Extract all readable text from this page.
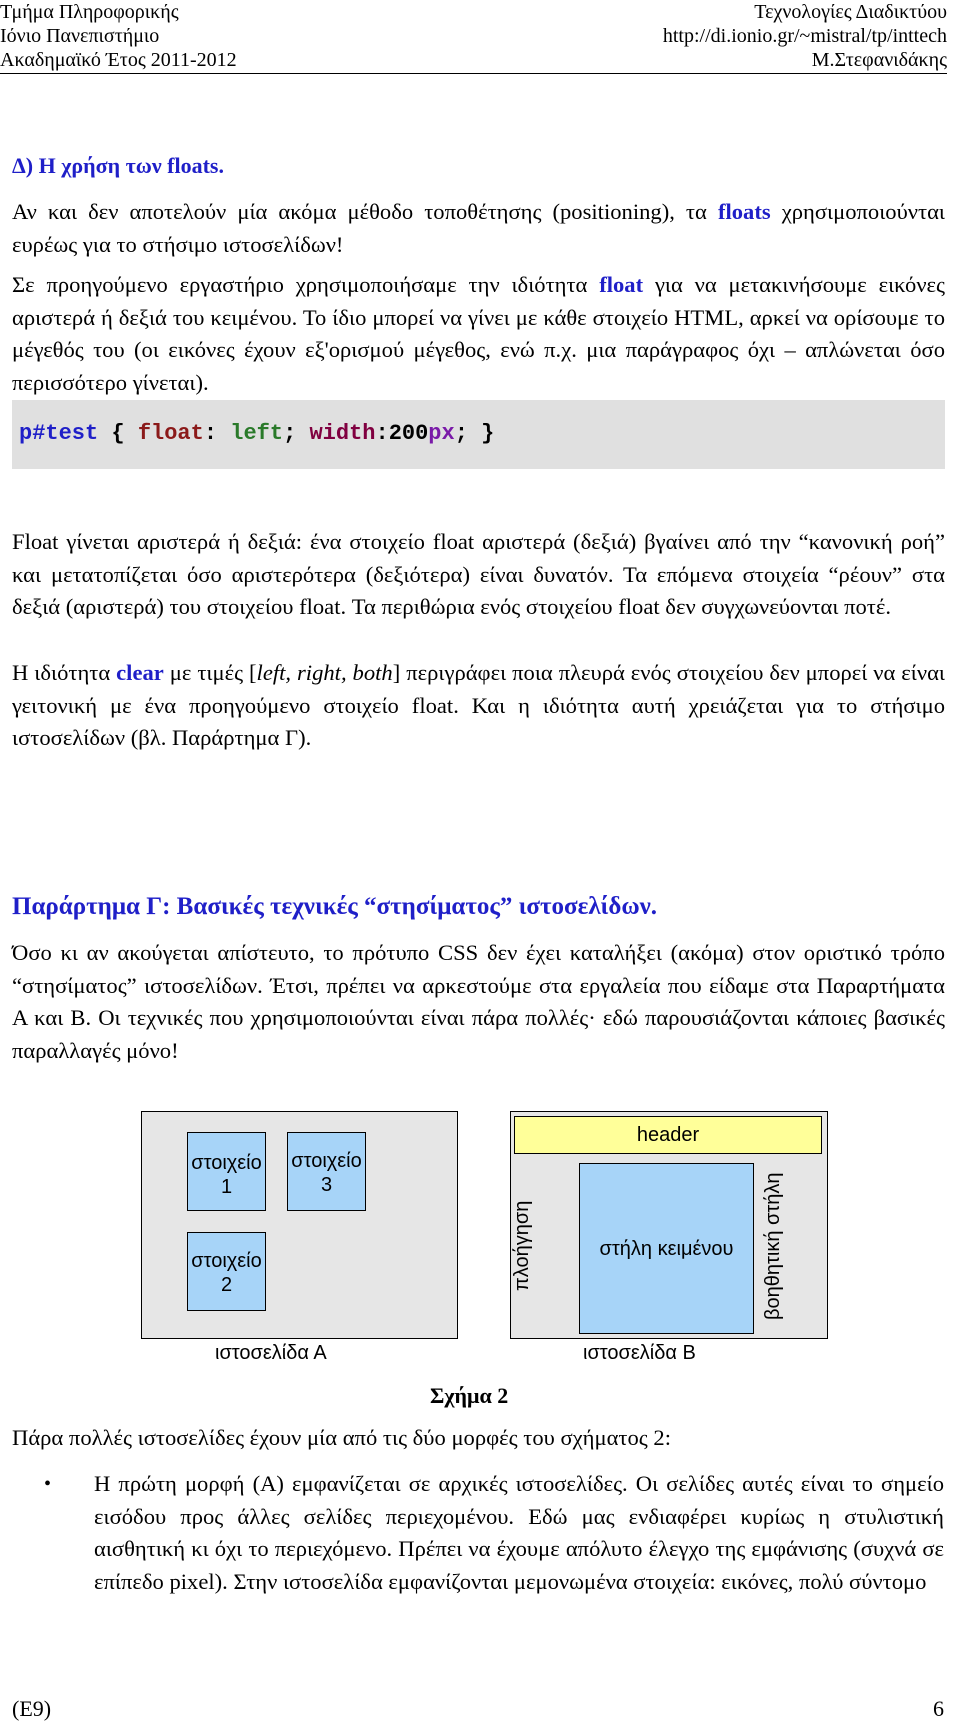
Τμήμα Πληροφορικής
Ιόνιο Πανεπιστήμιο
Ακαδημαϊκό Έτος 2011-2012
Τεχνολογίες Διαδικτύου
http://di.ionio.gr/~mistral/tp/inttech
Μ.Στεφανιδάκης
Δ) Η χρήση των floats.
Αν και δεν αποτελούν μία ακόμα μέθοδο τοποθέτησης (positioning), τα floats χρησιμοποιούνται ευρέως για το στήσιμο ιστοσελίδων!
Σε προηγούμενο εργαστήριο χρησιμοποιήσαμε την ιδιότητα float για να μετακινήσουμε εικόνες αριστερά ή δεξιά του κειμένου. Το ίδιο μπορεί να γίνει με κάθε στοιχείο HTML, αρκεί να ορίσουμε το μέγεθός του (οι εικόνες έχουν εξ'ορισμού μέγεθος, ενώ π.χ. μια παράγραφος όχι – απλώνεται όσο περισσότερο γίνεται).
p#test { float: left; width:200px; }
Float γίνεται αριστερά ή δεξιά: ένα στοιχείο float αριστερά (δεξιά) βγαίνει από την “κανονική ροή” και μετατοπίζεται όσο αριστερότερα (δεξιότερα) είναι δυνατόν. Τα επόμενα στοιχεία “ρέουν” στα δεξιά (αριστερά) του στοιχείου float. Τα περιθώρια ενός στοιχείου float δεν συγχωνεύονται ποτέ.
Η ιδιότητα clear με τιμές [left, right, both] περιγράφει ποια πλευρά ενός στοιχείου δεν μπορεί να είναι γειτονική με ένα προηγούμενο στοιχείο float. Και η ιδιότητα αυτή χρειάζεται για το στήσιμο ιστοσελίδων (βλ. Παράρτημα Γ).
Παράρτημα Γ: Βασικές τεχνικές “στησίματος” ιστοσελίδων.
Όσο κι αν ακούγεται απίστευτο, το πρότυπο CSS δεν έχει καταλήξει (ακόμα) στον οριστικό τρόπο “στησίματος” ιστοσελίδων. Έτσι, πρέπει να αρκεστούμε στα εργαλεία που είδαμε στα Παραρτήματα Α και Β. Οι τεχνικές που χρησιμοποιούνται είναι πάρα πολλές· εδώ παρουσιάζονται κάποιες βασικές παραλλαγές μόνο!
στοιχείο 1
στοιχείο 3
στοιχείο 2
ιστοσελίδα Α
header
πλοήγηση	στήλη κειμένου	βοηθητική στήλη
ιστοσελίδα Β
Σχήμα 2
Πάρα πολλές ιστοσελίδες έχουν μία από τις δύο μορφές του σχήματος 2:
• Η πρώτη μορφή (Α) εμφανίζεται σε αρχικές ιστοσελίδες. Οι σελίδες αυτές είναι το σημείο εισόδου προς άλλες σελίδες περιεχομένου. Εδώ μας ενδιαφέρει κυρίως η στυλιστική αισθητική κι όχι το περιεχόμενο. Πρέπει να έχουμε απόλυτο έλεγχο της εμφάνισης (συχνά σε επίπεδο pixel). Στην ιστοσελίδα εμφανίζονται μεμονωμένα στοιχεία: εικόνες, πολύ σύντομο
(E9)	6
